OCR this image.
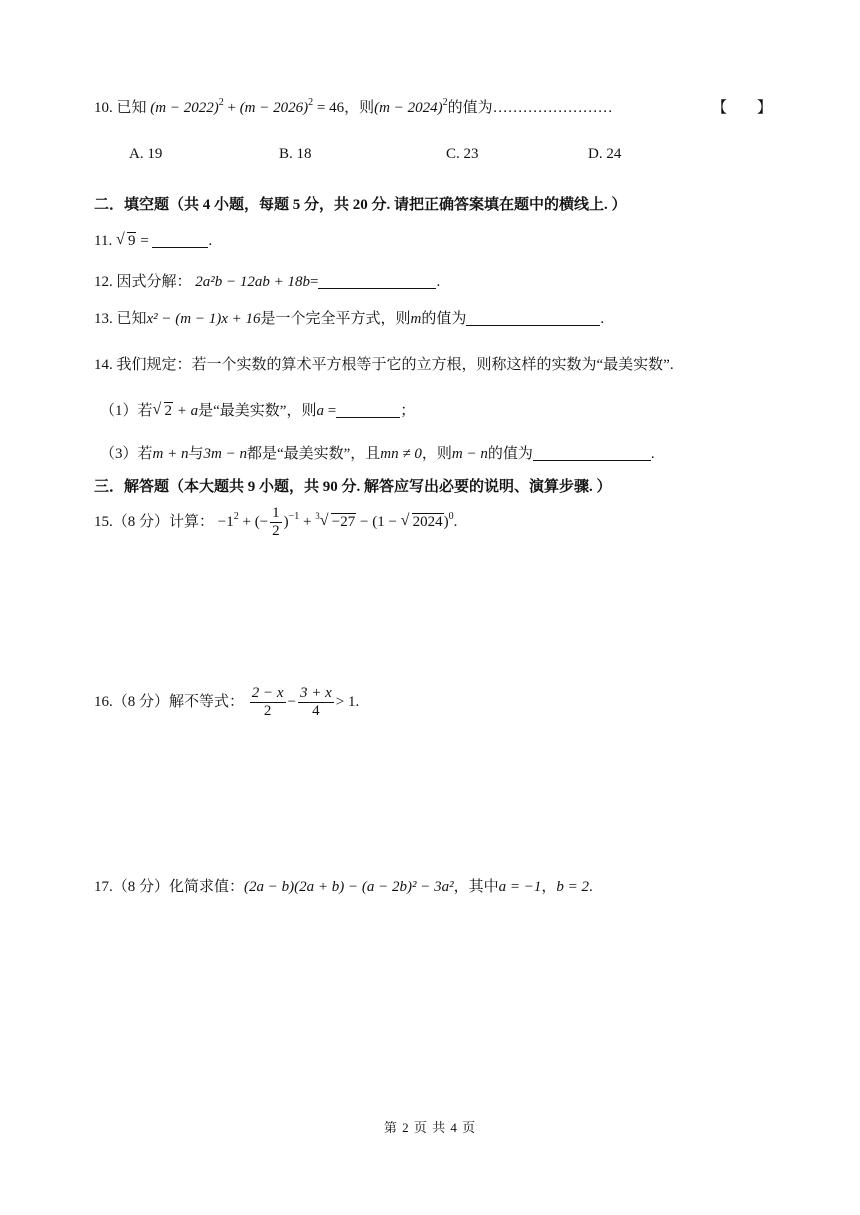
10. 已知 $(m - 2022)^2 + (m - 2026)^2 = 46$，则$(m - 2024)^2$的值为……………………	【　　】
A. 19	B. 18	C. 23	D. 24
二．填空题（共 4 小题，每题 5 分，共 20 分. 请把正确答案填在题中的横线上. ）
11. √ 9 =	.
12. 因式分解： 2a²b − 12ab + 18b=	.
13. 已知x² − (m − 1)x + 16是一个完全平方式，则m的值为	.
14. 我们规定：若一个实数的算术平方根等于它的立方根，则称这样的实数为“最美实数”.
（1）若 √ 2 + a是“最美实数”，则a =	；
（3）若m + n与3m − n都是“最美实数”，且mn ≠ 0，则m − n的值为	.
三．解答题（本大题共 9 小题，共 90 分. 解答应写出必要的说明、演算步骤. ）
15.（8 分）计算： $-1^2$ + (− $\frac{1}{2} )^{-1} + ^3$ √ −27 − (1 − √ 2024)$^0$.
16.（8 分）解不等式： $\frac{2 - x}{2} - \frac{3 + x}{4} > 1$.
17.（8 分）化简求值：(2a − b)(2a + b) − (a − 2b)² − 3a²，其中a = −1，b = 2.
第 2 页 共 4 页
